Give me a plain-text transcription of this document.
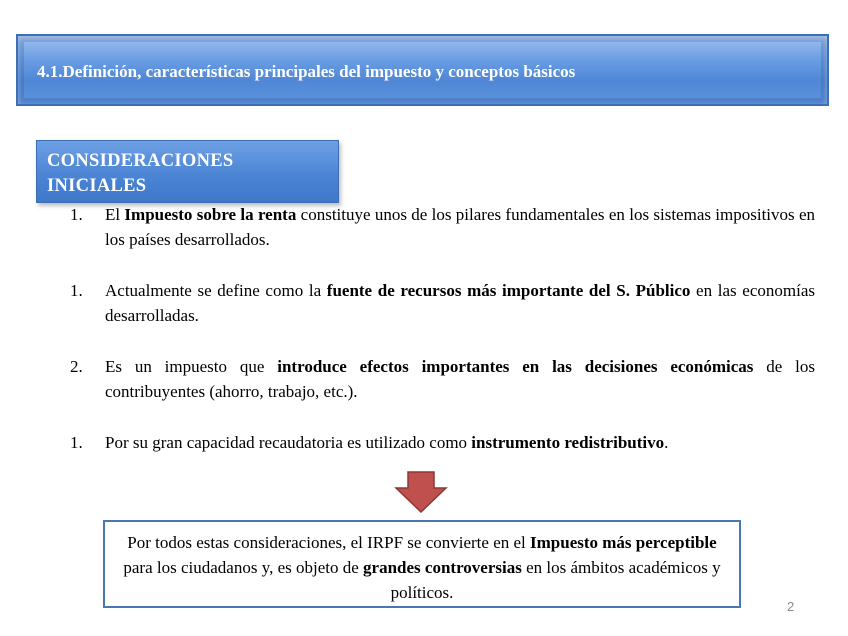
4.1.Definición, características principales del impuesto y conceptos básicos
CONSIDERACIONES INICIALES
1.	El Impuesto sobre la renta constituye unos de los pilares fundamentales en los sistemas impositivos en los países desarrollados.
1.	Actualmente se define como la fuente de recursos más importante del S. Público en las economías desarrolladas.
2.	Es un impuesto que introduce efectos importantes en las decisiones económicas de los contribuyentes (ahorro, trabajo, etc.).
1.	Por su gran capacidad recaudatoria es utilizado como instrumento redistributivo.
Por todos estas consideraciones, el IRPF se convierte en el Impuesto más perceptible para los ciudadanos y, es objeto de grandes controversias en los ámbitos académicos y políticos.
2
